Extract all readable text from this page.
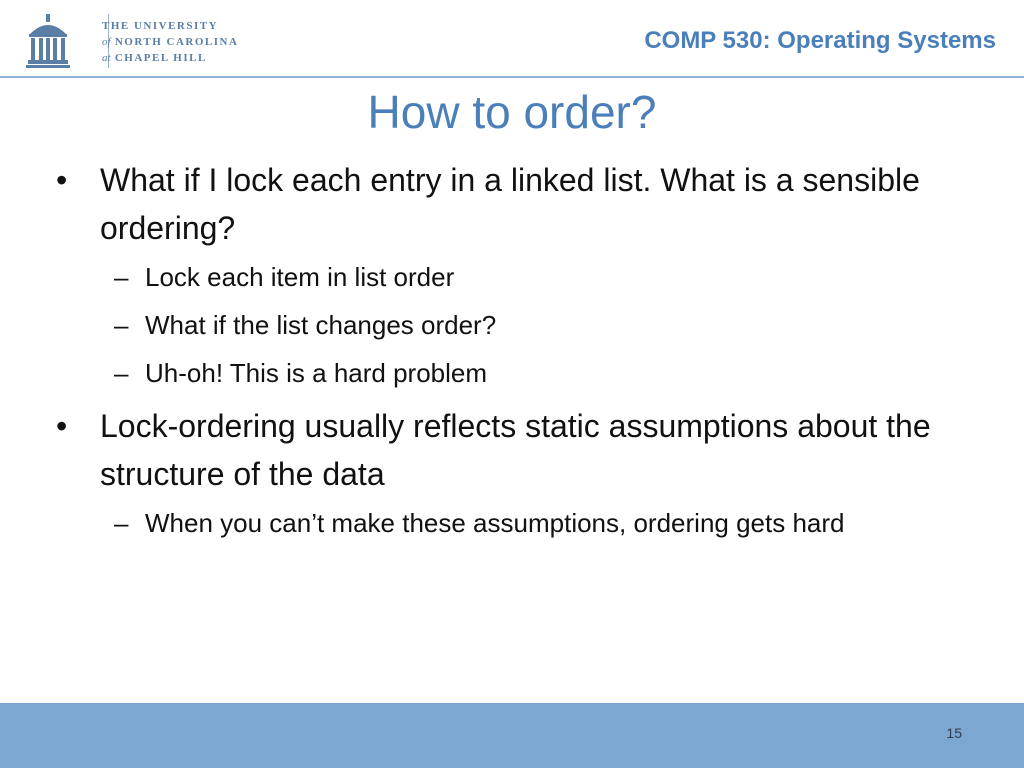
THE UNIVERSITY
of NORTH CAROLINA
at CHAPEL HILL
COMP 530: Operating Systems
How to order?

• What if I lock each entry in a linked list. What is a sensible ordering?

– Lock each item in list order

– What if the list changes order?

– Uh-oh! This is a hard problem

• Lock-ordering usually reflects static assumptions about the structure of the data

– When you can’t make these assumptions, ordering gets hard

15
